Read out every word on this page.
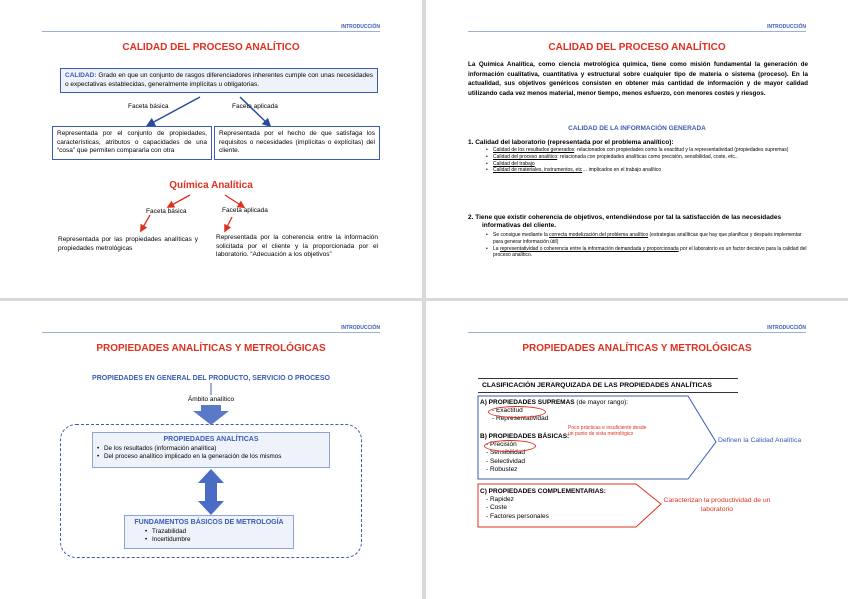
INTRODUCCIÓN
CALIDAD DEL PROCESO ANALÍTICO
CALIDAD: Grado en que un conjunto de rasgos diferenciadores inherentes cumple con unas necesidades o expectativas establecidas, generalmente implícitas u obligatorias.
Faceta básica	Faceta aplicada
Representada por el conjunto de propiedades, características, atributos o capacidades de una “cosa” que permiten compararla con otra
Representada por el hecho de que satisfaga los requisitos o necesidades (implícitas o explícitas) del cliente.
Química Analítica
Faceta básica	Faceta aplicada
Representada por las propiedades analíticas y propiedades metrológicas
Representada por la coherencia entre la información solicitada por el cliente y la proporcionada por el laboratorio. “Adecuación a los objetivos”
INTRODUCCIÓN
CALIDAD DEL PROCESO ANALÍTICO
La Química Analítica, como ciencia metrológica química, tiene como misión fundamental la generación de información cualitativa, cuantitativa y estructural sobre cualquier tipo de materia o sistema (proceso). En la actualidad, sus objetivos genéricos consisten en obtener más cantidad de información y de mayor calidad utilizando cada vez menos material, menor tiempo, menos esfuerzo, con menores costes y riesgos.
CALIDAD DE LA INFORMACIÓN GENERADA
1. Calidad del laboratorio (representada por el problema analítico):
• Calidad de los resultados generados: relacionados con propiedades como la exactitud y la representatividad (propiedades supremas)
• Calidad del proceso analítico: relacionada con propiedades analíticas como precisión, sensibilidad, coste, etc..
• Calidad del trabajo
• Calidad de materiales, instrumentos, etc… implicados en el trabajo analítico
2. Tiene que existir coherencia de objetivos, entendiéndose por tal la satisfacción de las necesidades informativas del cliente.
• Se consigue mediante la correcta modelización del problema analítico (estrategias analíticas que hay que planificar y después implementar para generar información útil)
• La representatividad o coherencia entre la información demandada y proporcionada por el laboratorio es un factor decisivo para la calidad del proceso analítico.
INTRODUCCIÓN
PROPIEDADES ANALÍTICAS Y METROLÓGICAS
PROPIEDADES EN GENERAL DEL PRODUCTO, SERVICIO O PROCESO
Ámbito analítico
PROPIEDADES ANALÍTICAS
• De los resultados (información analítica)
• Del proceso analítico implicado en la generación de los mismos
FUNDAMENTOS BÁSICOS DE METROLOGÍA
• Trazabilidad
• Incertidumbre
INTRODUCCIÓN
PROPIEDADES ANALÍTICAS Y METROLÓGICAS
CLASIFICACIÓN JERARQUIZADA DE LAS PROPIEDADES ANALÍTICAS
A) PROPIEDADES SUPREMAS (de mayor rango):
- Exactitud
- Representatividad
B) PROPIEDADES BÁSICAS:
- Precisión
- Sensibilidad
- Selectividad
- Robustez
Poco prácticas e insuficiente desde un punto de vista metrológico
Definen la Calidad Analítica
C) PROPIEDADES COMPLEMENTARIAS:
- Rapidez
- Coste
- Factores personales
Caracterizan la productividad de un laboratorio
